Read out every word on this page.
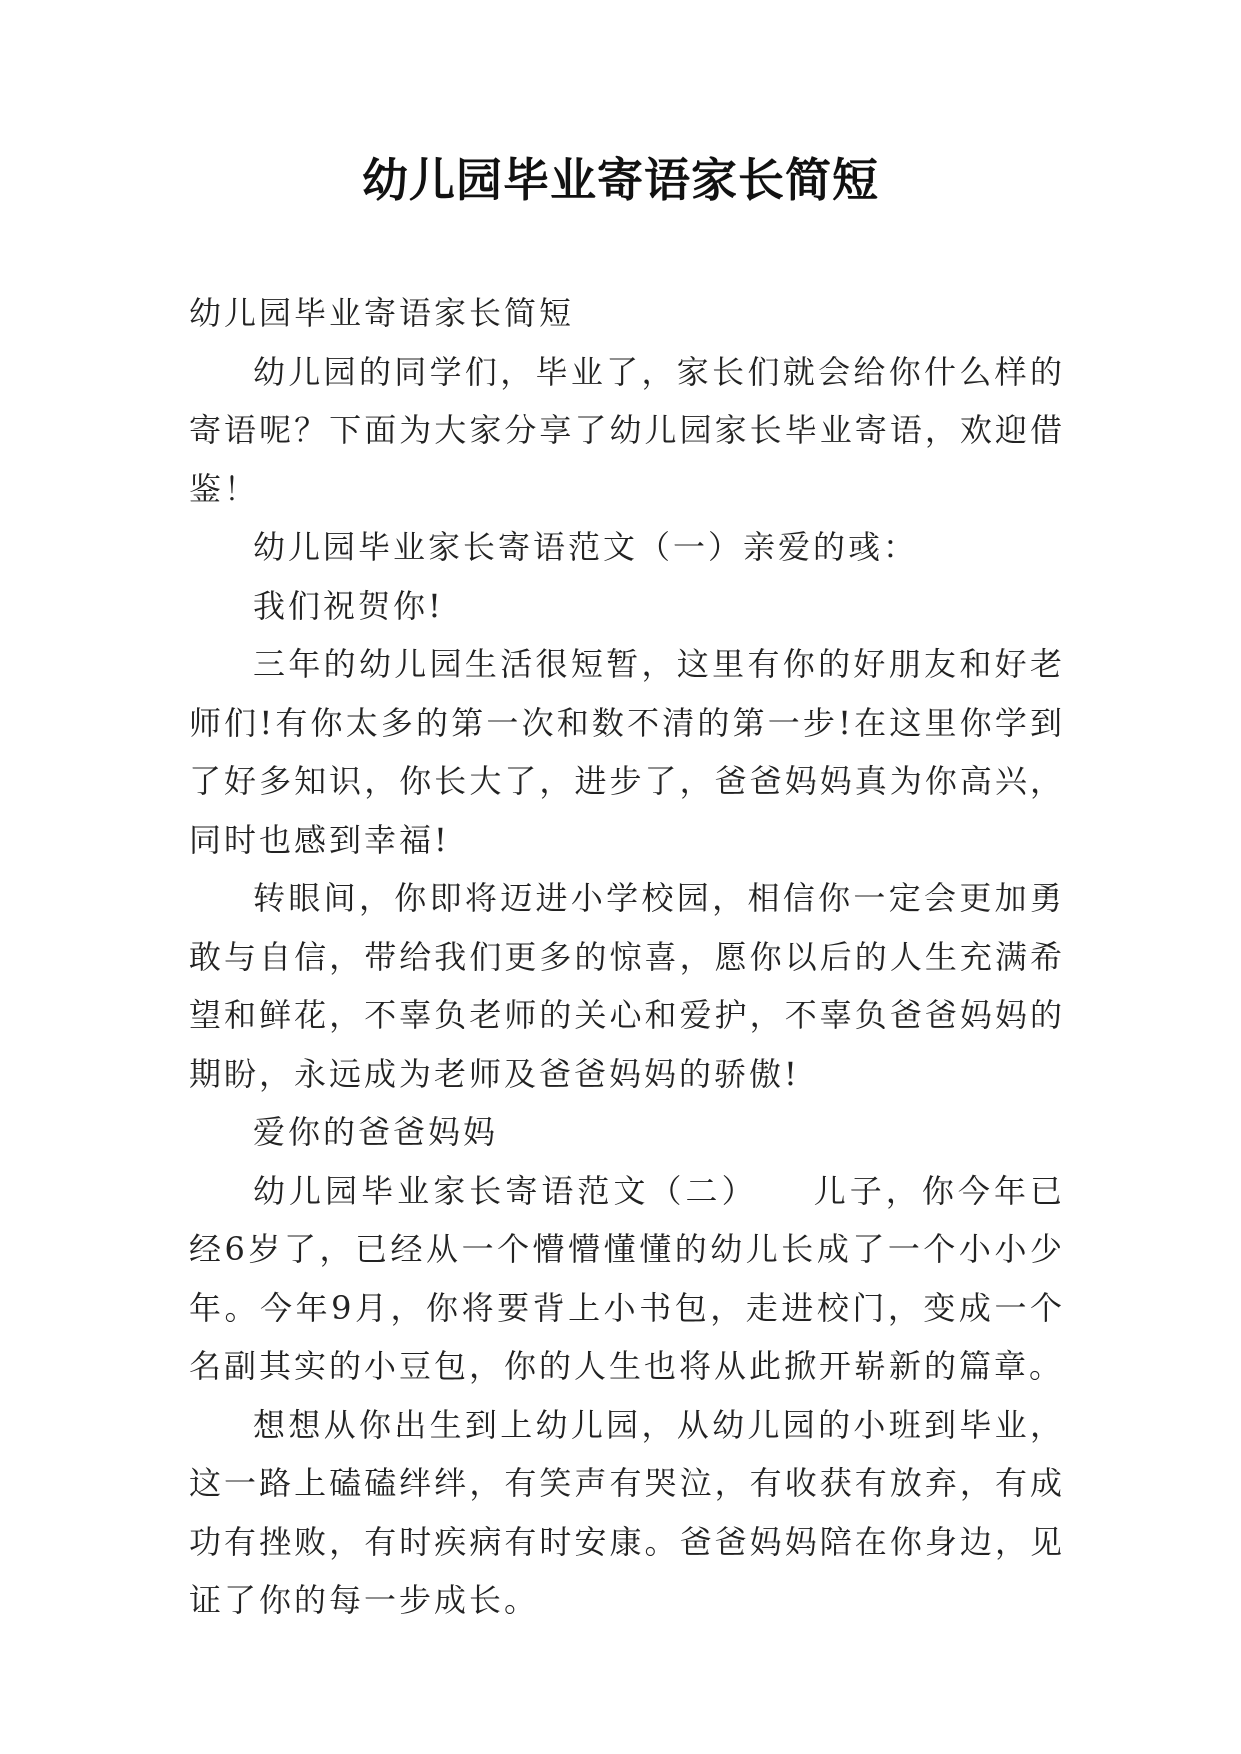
幼儿园毕业寄语家长简短

幼儿园毕业寄语家长简短

幼儿园的同学们，毕业了，家长们就会给你什么样的寄语呢？下面为大家分享了幼儿园家长毕业寄语，欢迎借鉴！

幼儿园毕业家长寄语范文（一）亲爱的彧：

我们祝贺你!

三年的幼儿园生活很短暂，这里有你的好朋友和好老师们!有你太多的第一次和数不清的第一步!在这里你学到了好多知识，你长大了，进步了，爸爸妈妈真为你高兴，同时也感到幸福!

转眼间，你即将迈进小学校园，相信你一定会更加勇敢与自信，带给我们更多的惊喜，愿你以后的人生充满希望和鲜花，不辜负老师的关心和爱护，不辜负爸爸妈妈的期盼，永远成为老师及爸爸妈妈的骄傲!

爱你的爸爸妈妈

幼儿园毕业家长寄语范文（二）　　儿子，你今年已经6岁了，已经从一个懵懵懂懂的幼儿长成了一个小小少年。今年9月，你将要背上小书包，走进校门，变成一个名副其实的小豆包，你的人生也将从此掀开崭新的篇章。

想想从你出生到上幼儿园，从幼儿园的小班到毕业，这一路上磕磕绊绊，有笑声有哭泣，有收获有放弃，有成功有挫败，有时疾病有时安康。爸爸妈妈陪在你身边，见证了你的每一步成长。
